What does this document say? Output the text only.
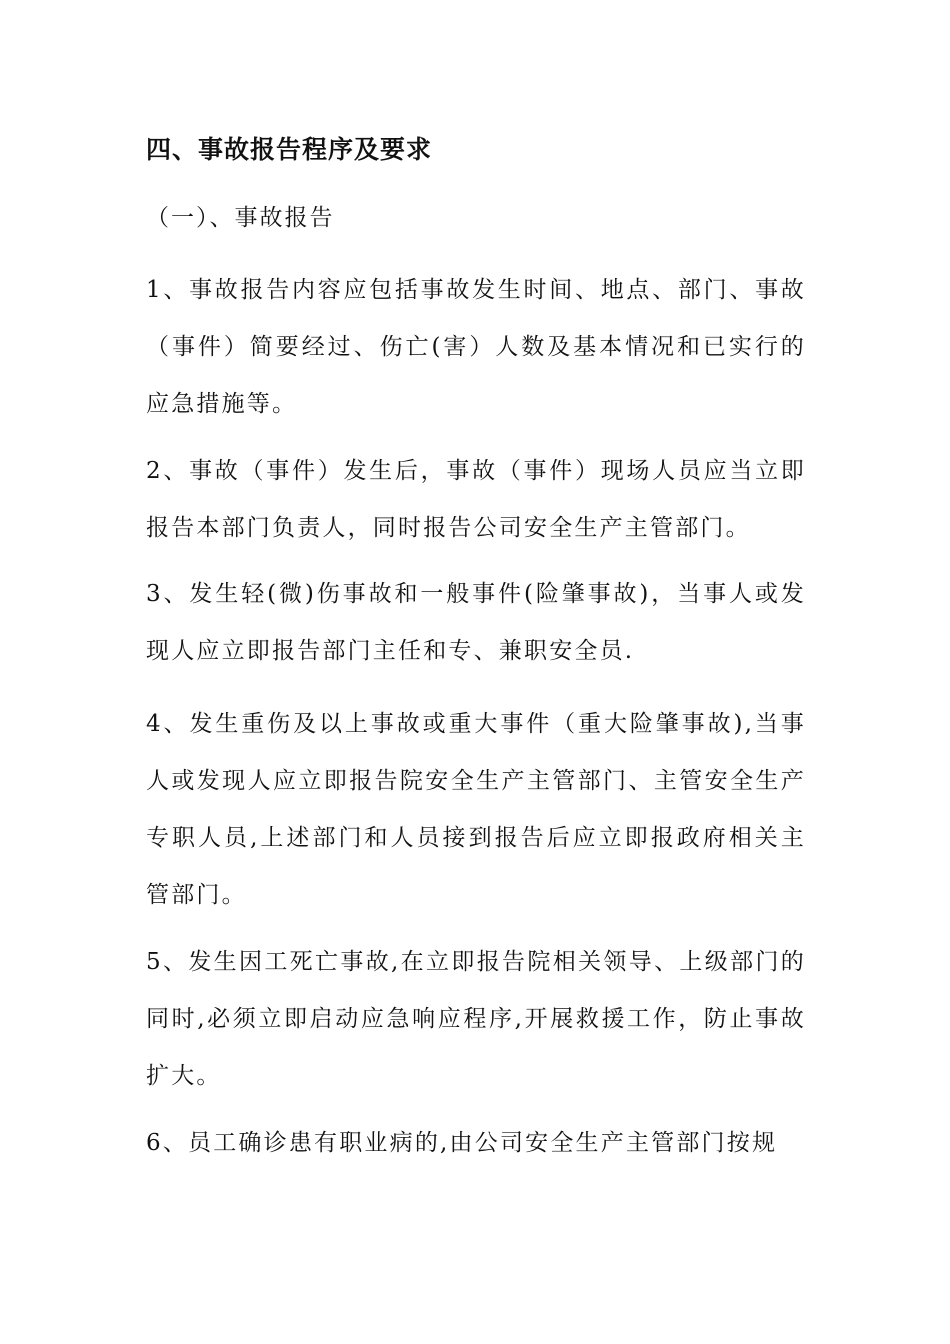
四、事故报告程序及要求
（一）、事故报告
1、事故报告内容应包括事故发生时间、地点、部门、事故（事件）简要经过、伤亡(害）人数及基本情况和已实行的应急措施等。
2、事故（事件）发生后，事故（事件）现场人员应当立即报告本部门负责人，同时报告公司安全生产主管部门。
3、发生轻(微)伤事故和一般事件(险肇事故)，当事人或发现人应立即报告部门主任和专、兼职安全员.
4、发生重伤及以上事故或重大事件（重大险肇事故),当事人或发现人应立即报告院安全生产主管部门、主管安全生产专职人员,上述部门和人员接到报告后应立即报政府相关主管部门。
5、发生因工死亡事故,在立即报告院相关领导、上级部门的同时,必须立即启动应急响应程序,开展救援工作，防止事故扩大。
6、员工确诊患有职业病的,由公司安全生产主管部门按规
